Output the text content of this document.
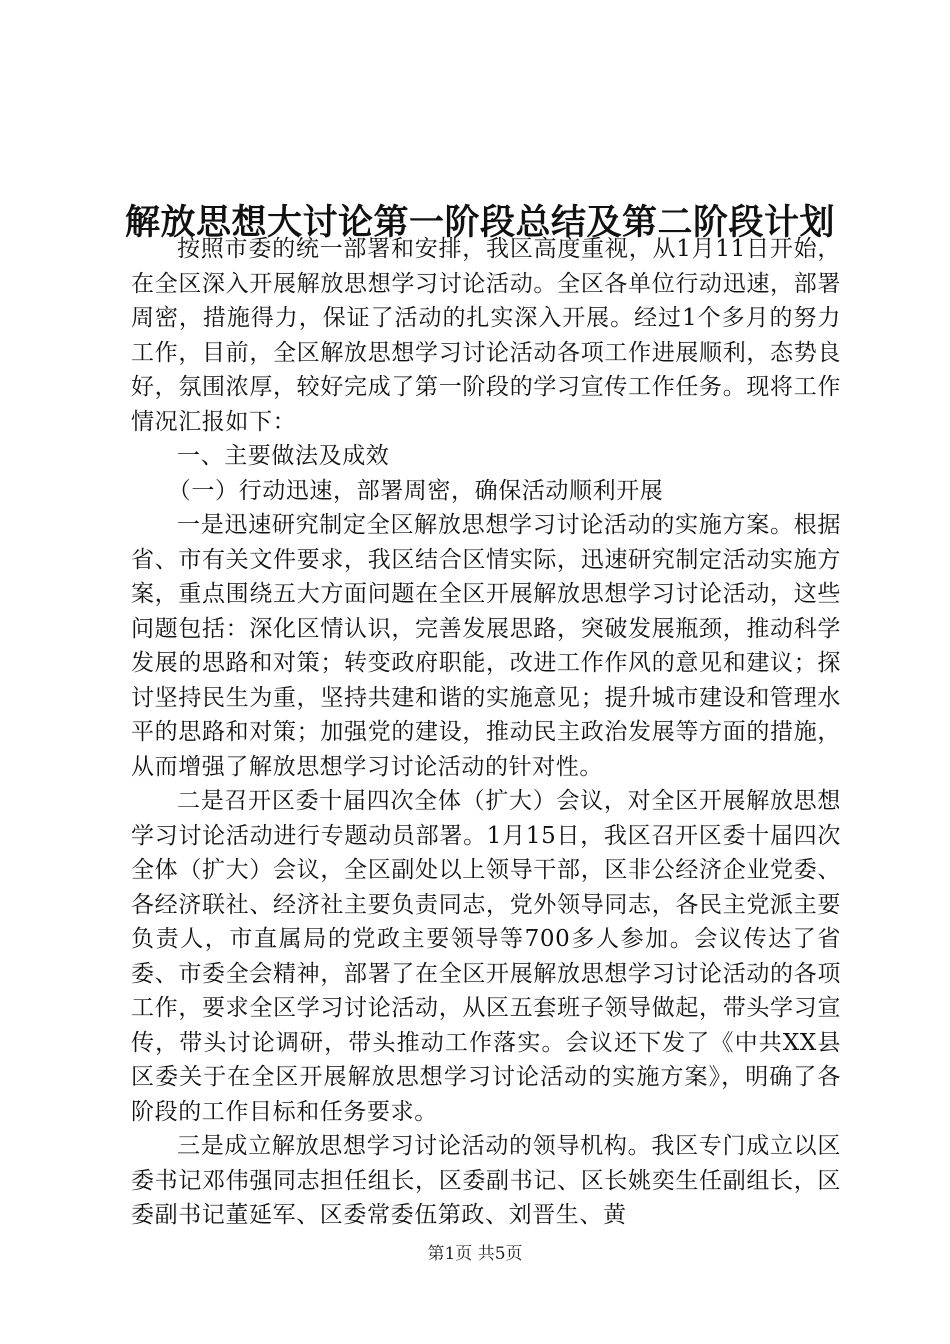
解放思想大讨论第一阶段总结及第二阶段计划

按照市委的统一部署和安排，我区高度重视，从1月11日开始，在全区深入开展解放思想学习讨论活动。全区各单位行动迅速，部署周密，措施得力，保证了活动的扎实深入开展。经过1个多月的努力工作，目前，全区解放思想学习讨论活动各项工作进展顺利，态势良好，氛围浓厚，较好完成了第一阶段的学习宣传工作任务。现将工作情况汇报如下：

一、主要做法及成效

（一）行动迅速，部署周密，确保活动顺利开展

一是迅速研究制定全区解放思想学习讨论活动的实施方案。根据省、市有关文件要求，我区结合区情实际，迅速研究制定活动实施方案，重点围绕五大方面问题在全区开展解放思想学习讨论活动，这些问题包括：深化区情认识，完善发展思路，突破发展瓶颈，推动科学发展的思路和对策；转变政府职能，改进工作作风的意见和建议；探讨坚持民生为重，坚持共建和谐的实施意见；提升城市建设和管理水平的思路和对策；加强党的建设，推动民主政治发展等方面的措施，从而增强了解放思想学习讨论活动的针对性。

二是召开区委十届四次全体（扩大）会议，对全区开展解放思想学习讨论活动进行专题动员部署。1月15日，我区召开区委十届四次全体（扩大）会议，全区副处以上领导干部，区非公经济企业党委、各经济联社、经济社主要负责同志，党外领导同志，各民主党派主要负责人，市直属局的党政主要领导等700多人参加。会议传达了省委、市委全会精神，部署了在全区开展解放思想学习讨论活动的各项工作，要求全区学习讨论活动，从区五套班子领导做起，带头学习宣传，带头讨论调研，带头推动工作落实。会议还下发了《中共XX县区委关于在全区开展解放思想学习讨论活动的实施方案》，明确了各阶段的工作目标和任务要求。

三是成立解放思想学习讨论活动的领导机构。我区专门成立以区委书记邓伟强同志担任组长，区委副书记、区长姚奕生任副组长，区委副书记董延军、区委常委伍第政、刘晋生、黄

第1页 共5页
